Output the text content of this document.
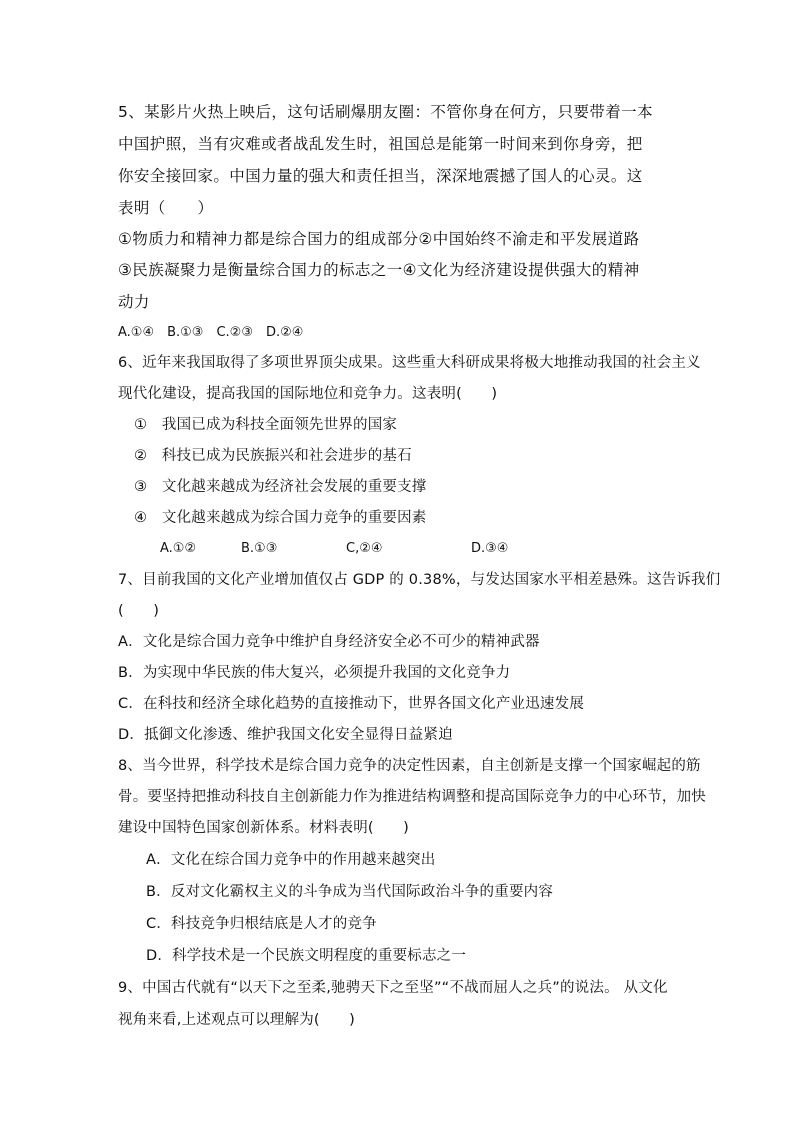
5、某影片火热上映后，这句话刷爆朋友圈：不管你身在何方，只要带着一本
中国护照，当有灾难或者战乱发生时，祖国总是能第一时间来到你身旁，把
你安全接回家。中国力量的强大和责任担当，深深地震撼了国人的心灵。这
表明（　　）
①物质力和精神力都是综合国力的组成部分②中国始终不渝走和平发展道路
③民族凝聚力是衡量综合国力的标志之一④文化为经济建设提供强大的精神
动力
A.①④　B.①③　C.②③　D.②④
6、近年来我国取得了多项世界顶尖成果。这些重大科研成果将极大地推动我国的社会主义
现代化建设，提高我国的国际地位和竞争力。这表明(　　)
①　我国已成为科技全面领先世界的国家
②　科技已成为民族振兴和社会进步的基石
③　文化越来越成为经济社会发展的重要支撑
④　文化越来越成为综合国力竞争的重要因素
A.①②	B.①③	C,②④	D.③④
7、目前我国的文化产业增加值仅占 GDP 的 0.38%，与发达国家水平相差悬殊。这告诉我们
(　　)
A．文化是综合国力竞争中维护自身经济安全必不可少的精神武器
B．为实现中华民族的伟大复兴，必须提升我国的文化竞争力
C．在科技和经济全球化趋势的直接推动下，世界各国文化产业迅速发展
D．抵御文化渗透、维护我国文化安全显得日益紧迫
8、当今世界，科学技术是综合国力竞争的决定性因素，自主创新是支撑一个国家崛起的筋
骨。要坚持把推动科技自主创新能力作为推进结构调整和提高国际竞争力的中心环节，加快
建设中国特色国家创新体系。材料表明(　　)
A．文化在综合国力竞争中的作用越来越突出
B．反对文化霸权主义的斗争成为当代国际政治斗争的重要内容
C．科技竞争归根结底是人才的竞争
D．科学技术是一个民族文明程度的重要标志之一
9、中国古代就有“以天下之至柔,驰骋天下之至坚”“不战而屈人之兵”的说法。 从文化
视角来看,上述观点可以理解为(　　)
